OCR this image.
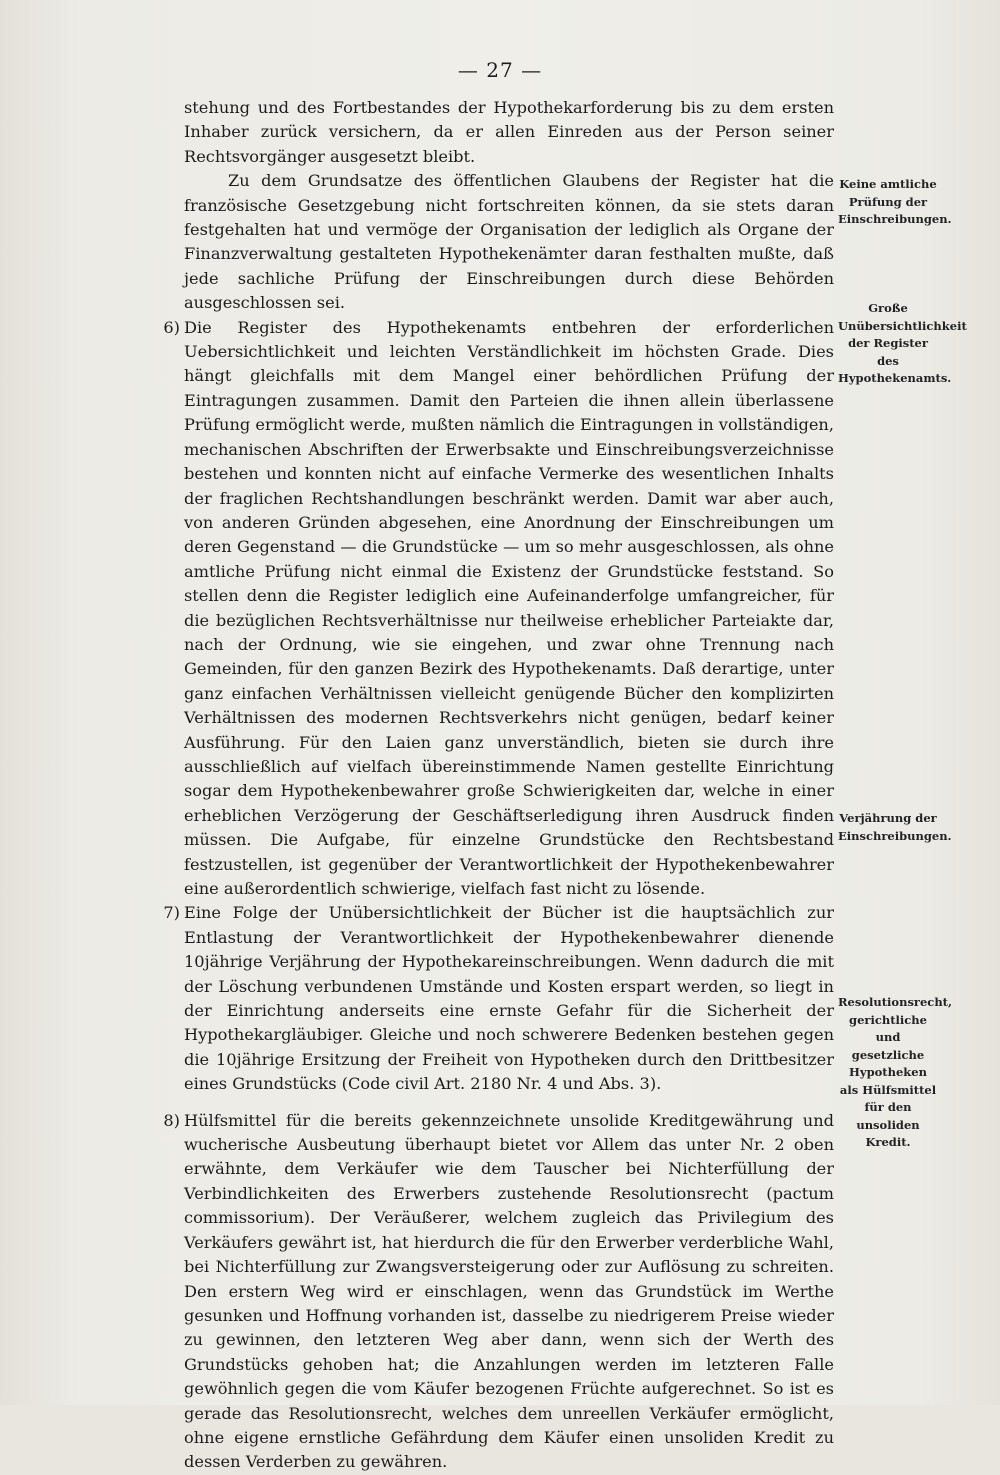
— 27 —

stehung und des Fortbestandes der Hypothekarforderung bis zu dem ersten Inhaber zurück versichern, da er allen Einreden aus der Person seiner Rechtsvorgänger ausgesetzt bleibt.

Zu dem Grundsatze des öffentlichen Glaubens der Register hat die französische Gesetzgebung nicht fortschreiten können, da sie stets daran festgehalten hat und vermöge der Organisation der lediglich als Organe der Finanzverwaltung gestalteten Hypothekenämter daran festhalten mußte, daß jede sachliche Prüfung der Einschreibungen durch diese Behörden ausgeschlossen sei.

6) Die Register des Hypothekenamts entbehren der erforderlichen Uebersichtlichkeit und leichten Verständlichkeit im höchsten Grade. Dies hängt gleichfalls mit dem Mangel einer behördlichen Prüfung der Eintragungen zusammen. Damit den Parteien die ihnen allein überlassene Prüfung ermöglicht werde, mußten nämlich die Eintragungen in vollständigen, mechanischen Abschriften der Erwerbsakte und Einschreibungsverzeichnisse bestehen und konnten nicht auf einfache Vermerke des wesentlichen Inhalts der fraglichen Rechtshandlungen beschränkt werden. Damit war aber auch, von anderen Gründen abgesehen, eine Anordnung der Einschreibungen um deren Gegenstand — die Grundstücke — um so mehr ausgeschlossen, als ohne amtliche Prüfung nicht einmal die Existenz der Grundstücke feststand. So stellen denn die Register lediglich eine Aufeinanderfolge umfangreicher, für die bezüglichen Rechtsverhältnisse nur theilweise erheblicher Parteiakte dar, nach der Ordnung, wie sie eingehen, und zwar ohne Trennung nach Gemeinden, für den ganzen Bezirk des Hypothekenamts. Daß derartige, unter ganz einfachen Verhältnissen vielleicht genügende Bücher den komplizirten Verhältnissen des modernen Rechtsverkehrs nicht genügen, bedarf keiner Ausführung. Für den Laien ganz unverständlich, bieten sie durch ihre ausschließlich auf vielfach übereinstimmende Namen gestellte Einrichtung sogar dem Hypothekenbewahrer große Schwierigkeiten dar, welche in einer erheblichen Verzögerung der Geschäftserledigung ihren Ausdruck finden müssen. Die Aufgabe, für einzelne Grundstücke den Rechtsbestand festzustellen, ist gegenüber der Verantwortlichkeit der Hypothekenbewahrer eine außerordentlich schwierige, vielfach fast nicht zu lösende.

7) Eine Folge der Unübersichtlichkeit der Bücher ist die hauptsächlich zur Entlastung der Verantwortlichkeit der Hypothekenbewahrer dienende 10jährige Verjährung der Hypothekareinschreibungen. Wenn dadurch die mit der Löschung verbundenen Umstände und Kosten erspart werden, so liegt in der Einrichtung anderseits eine ernste Gefahr für die Sicherheit der Hypothekargläubiger. Gleiche und noch schwerere Bedenken bestehen gegen die 10jährige Ersitzung der Freiheit von Hypotheken durch den Drittbesitzer eines Grundstücks (Code civil Art. 2180 Nr. 4 und Abs. 3).

8) Hülfsmittel für die bereits gekennzeichnete unsolide Kreditgewährung und wucherische Ausbeutung überhaupt bietet vor Allem das unter Nr. 2 oben erwähnte, dem Verkäufer wie dem Tauscher bei Nichterfüllung der Verbindlichkeiten des Erwerbers zustehende Resolutionsrecht (pactum commissorium). Der Veräußerer, welchem zugleich das Privilegium des Verkäufers gewährt ist, hat hierdurch die für den Erwerber verderbliche Wahl, bei Nichterfüllung zur Zwangsversteigerung oder zur Auflösung zu schreiten. Den erstern Weg wird er einschlagen, wenn das Grundstück im Werthe gesunken und Hoffnung vorhanden ist, dasselbe zu niedrigerem Preise wieder zu gewinnen, den letzteren Weg aber dann, wenn sich der Werth des Grundstücks gehoben hat; die Anzahlungen werden im letzteren Falle gewöhnlich gegen die vom Käufer bezogenen Früchte aufgerechnet. So ist es gerade das Resolutionsrecht, welches dem unreellen Verkäufer ermöglicht, ohne eigene ernstliche Gefährdung dem Käufer einen unsoliden Kredit zu dessen Verderben zu gewähren.

Keine amtliche Prüfung der Einschreibungen.
Große Unübersichtlichkeit der Register des Hypothekenamts.
Verjährung der Einschreibungen.
Resolutionsrecht, gerichtliche und gesetzliche Hypotheken als Hülfsmittel für den unsoliden Kredit.
